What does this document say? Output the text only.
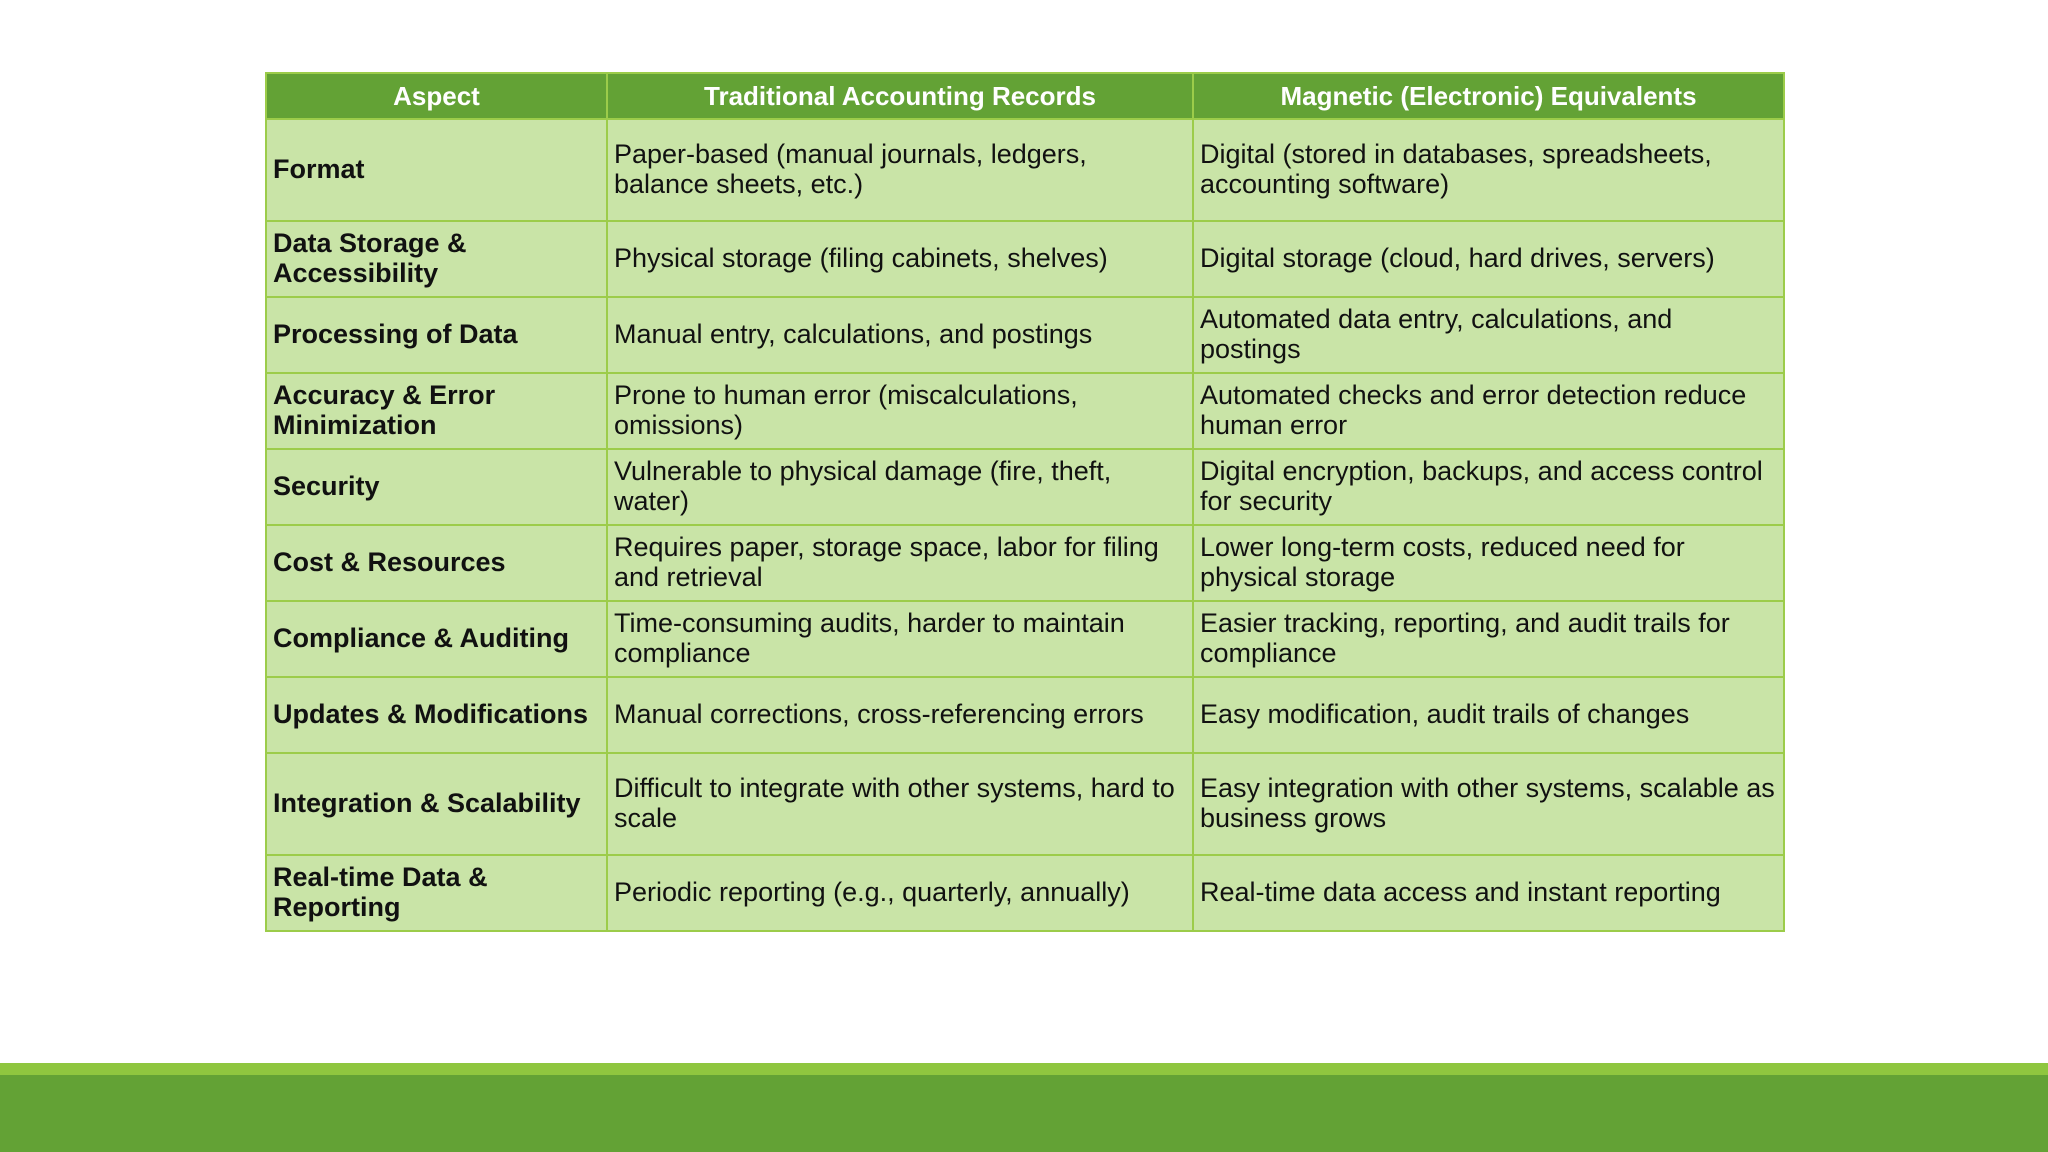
Aspect	Traditional Accounting Records	Magnetic (Electronic) Equivalents
Format	Paper-based (manual journals, ledgers, balance sheets, etc.)	Digital (stored in databases, spreadsheets, accounting software)
Data Storage & Accessibility	Physical storage (filing cabinets, shelves)	Digital storage (cloud, hard drives, servers)
Processing of Data	Manual entry, calculations, and postings	Automated data entry, calculations, and postings
Accuracy & Error Minimization	Prone to human error (miscalculations, omissions)	Automated checks and error detection reduce human error
Security	Vulnerable to physical damage (fire, theft, water)	Digital encryption, backups, and access control for security
Cost & Resources	Requires paper, storage space, labor for filing and retrieval	Lower long-term costs, reduced need for physical storage
Compliance & Auditing	Time-consuming audits, harder to maintain compliance	Easier tracking, reporting, and audit trails for compliance
Updates & Modifications	Manual corrections, cross-referencing errors	Easy modification, audit trails of changes
Integration & Scalability	Difficult to integrate with other systems, hard to scale	Easy integration with other systems, scalable as business grows
Real-time Data & Reporting	Periodic reporting (e.g., quarterly, annually)	Real-time data access and instant reporting
